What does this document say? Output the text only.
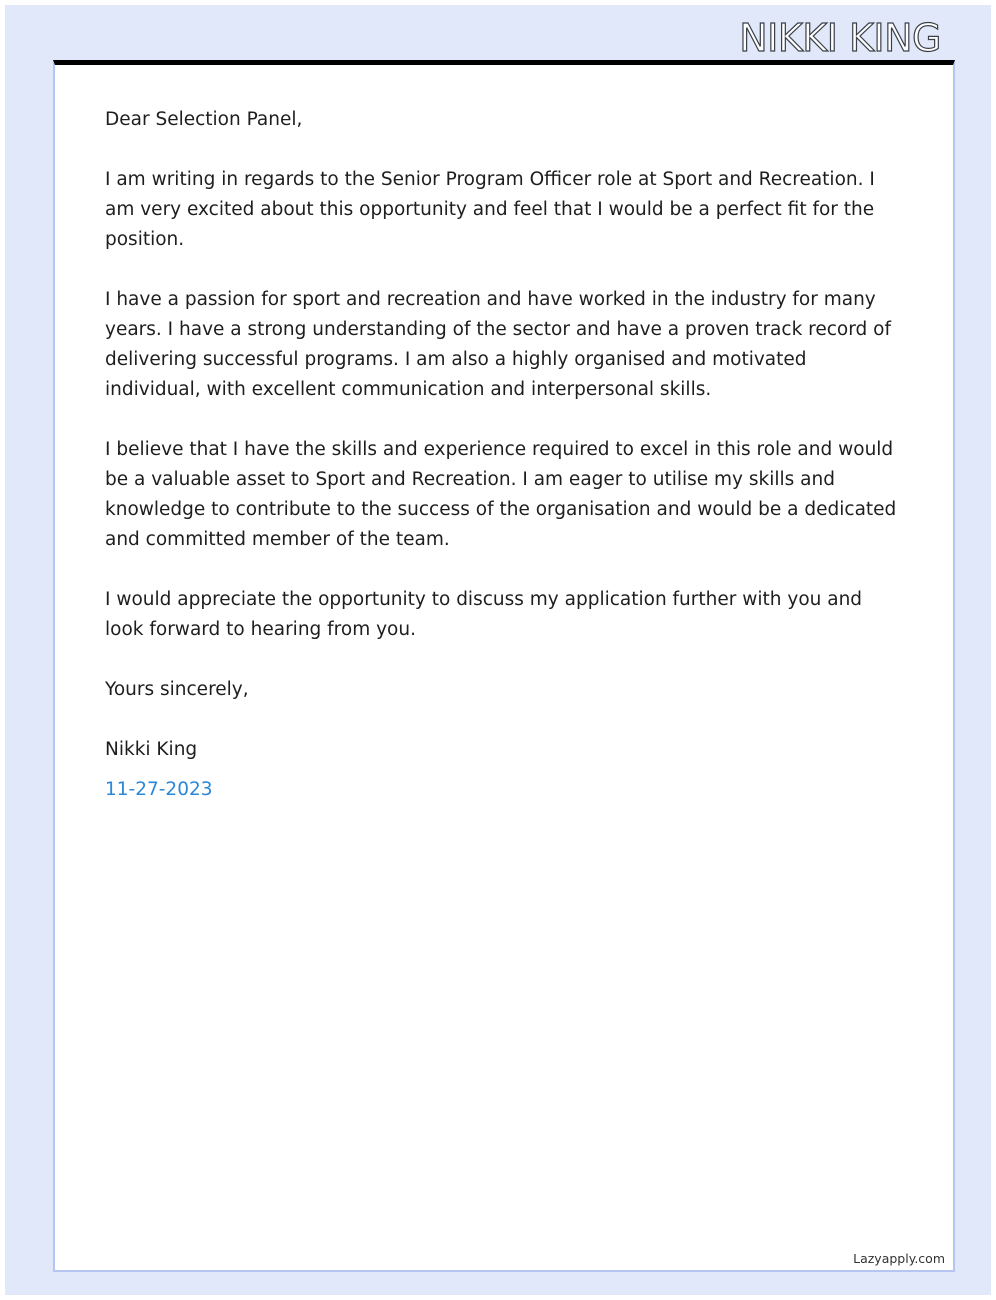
NIKKI KING

Dear Selection Panel,

I am writing in regards to the Senior Program Officer role at Sport and Recreation. I am very excited about this opportunity and feel that I would be a perfect fit for the position.

I have a passion for sport and recreation and have worked in the industry for many years. I have a strong understanding of the sector and have a proven track record of delivering successful programs. I am also a highly organised and motivated individual, with excellent communication and interpersonal skills.

I believe that I have the skills and experience required to excel in this role and would be a valuable asset to Sport and Recreation. I am eager to utilise my skills and knowledge to contribute to the success of the organisation and would be a dedicated and committed member of the team.

I would appreciate the opportunity to discuss my application further with you and look forward to hearing from you.

Yours sincerely,

Nikki King

11-27-2023

Lazyapply.com
